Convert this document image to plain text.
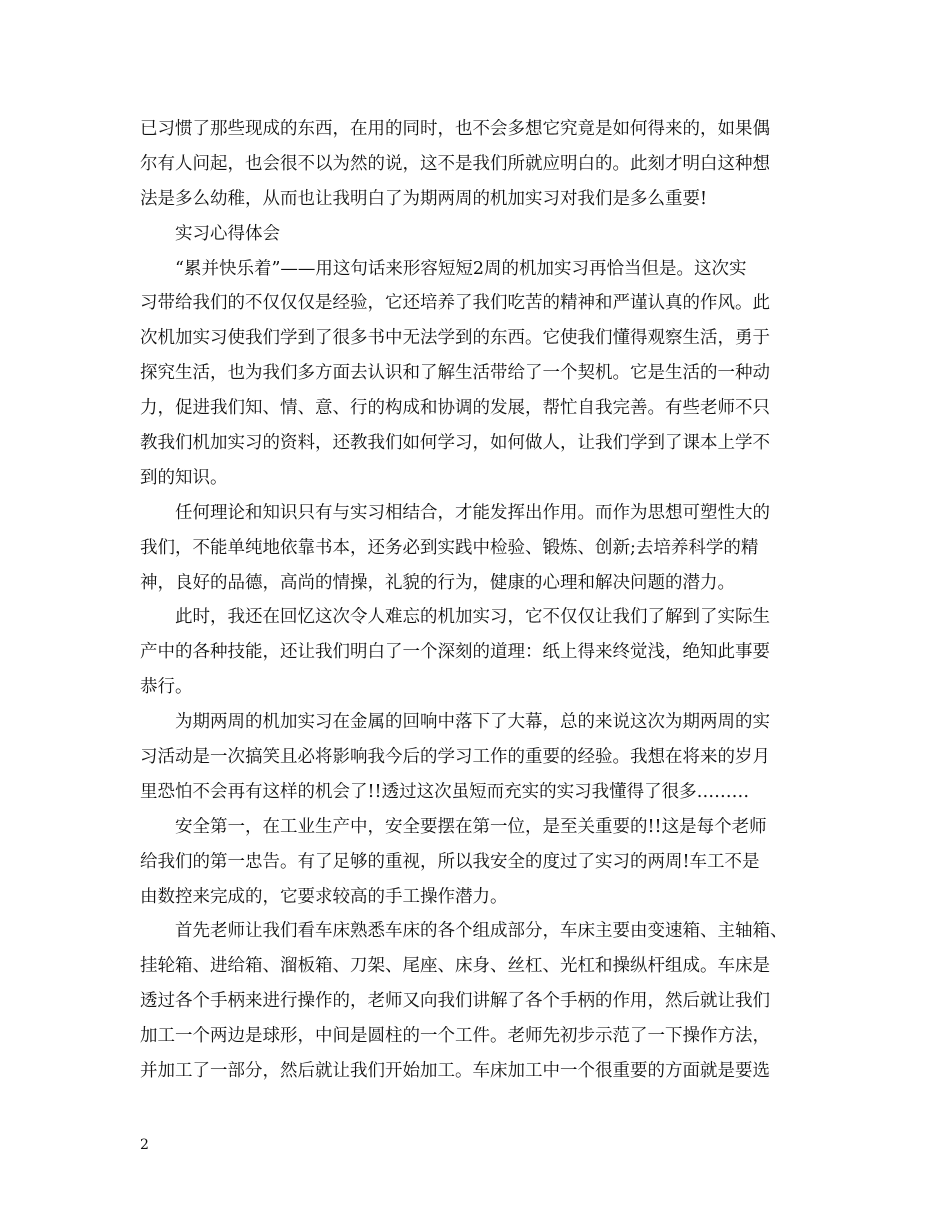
已习惯了那些现成的东西，在用的同时，也不会多想它究竟是如何得来的，如果偶
尔有人问起，也会很不以为然的说，这不是我们所就应明白的。此刻才明白这种想
法是多么幼稚，从而也让我明白了为期两周的机加实习对我们是多么重要!
实习心得体会
“累并快乐着”——用这句话来形容短短2周的机加实习再恰当但是。这次实
习带给我们的不仅仅仅是经验，它还培养了我们吃苦的精神和严谨认真的作风。此
次机加实习使我们学到了很多书中无法学到的东西。它使我们懂得观察生活，勇于
探究生活，也为我们多方面去认识和了解生活带给了一个契机。它是生活的一种动
力，促进我们知、情、意、行的构成和协调的发展，帮忙自我完善。有些老师不只
教我们机加实习的资料，还教我们如何学习，如何做人，让我们学到了课本上学不
到的知识。
任何理论和知识只有与实习相结合，才能发挥出作用。而作为思想可塑性大的
我们，不能单纯地依靠书本，还务必到实践中检验、锻炼、创新;去培养科学的精
神，良好的品德，高尚的情操，礼貌的行为，健康的心理和解决问题的潜力。
此时，我还在回忆这次令人难忘的机加实习，它不仅仅让我们了解到了实际生
产中的各种技能，还让我们明白了一个深刻的道理：纸上得来终觉浅，绝知此事要
恭行。
为期两周的机加实习在金属的回响中落下了大幕，总的来说这次为期两周的实
习活动是一次搞笑且必将影响我今后的学习工作的重要的经验。我想在将来的岁月
里恐怕不会再有这样的机会了!!透过这次虽短而充实的实习我懂得了很多………
安全第一，在工业生产中，安全要摆在第一位，是至关重要的!!这是每个老师
给我们的第一忠告。有了足够的重视，所以我安全的度过了实习的两周!车工不是
由数控来完成的，它要求较高的手工操作潜力。
首先老师让我们看车床熟悉车床的各个组成部分，车床主要由变速箱、主轴箱、
挂轮箱、进给箱、溜板箱、刀架、尾座、床身、丝杠、光杠和操纵杆组成。车床是
透过各个手柄来进行操作的，老师又向我们讲解了各个手柄的作用，然后就让我们
加工一个两边是球形，中间是圆柱的一个工件。老师先初步示范了一下操作方法，
并加工了一部分，然后就让我们开始加工。车床加工中一个很重要的方面就是要选
2
